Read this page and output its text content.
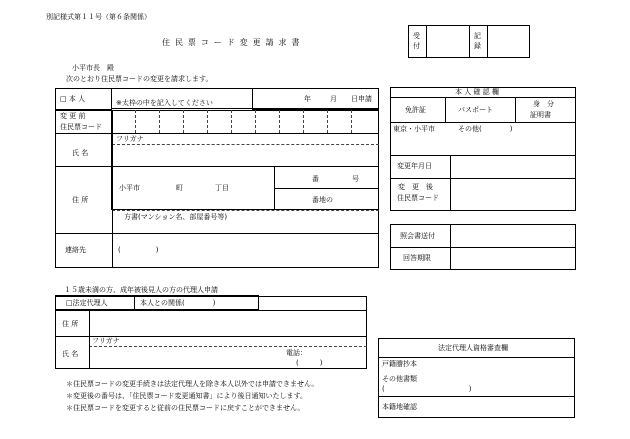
別記様式第１１号（第６条関係）
住 民 票 コ ー ド 変 更 請 求 書
受付
記録
小平市長　殿
次のとおり住民票コードの変更を請求します。
□ 本 人	※太枠の中を記入してください	年	月 日申請
変 更 前
住民票コード
フリガナ
氏 名
住 所
小平市	町	丁目
番	号
番地の
方書(マンション名、部屋番号等)
連絡先	(　　　　　)
本 人 確 認 欄
免許証	パスポート
身　分
証明書
東京・小平市	その他(　　　　)
変更年月日
変　更　後
住民票コード
照会書送付
回答期限
１５歳未満の方、成年被後見人の方の代理人申請
□法定代理人	本人との関係(　　　　)
住 所
フリガナ
氏 名	電話：
(　　　)
法定代理人資格審査欄
戸籍謄抄本
その他書類
(　　　　　　　　　　　　)
本籍地確認
＊住民票コードの変更手続きは法定代理人を除き本人以外では申請できません。
＊変更後の番号は、「住民票コード変更通知書」により後日通知いたします。
＊住民票コードを変更すると従前の住民票コードに戻すことができません。
